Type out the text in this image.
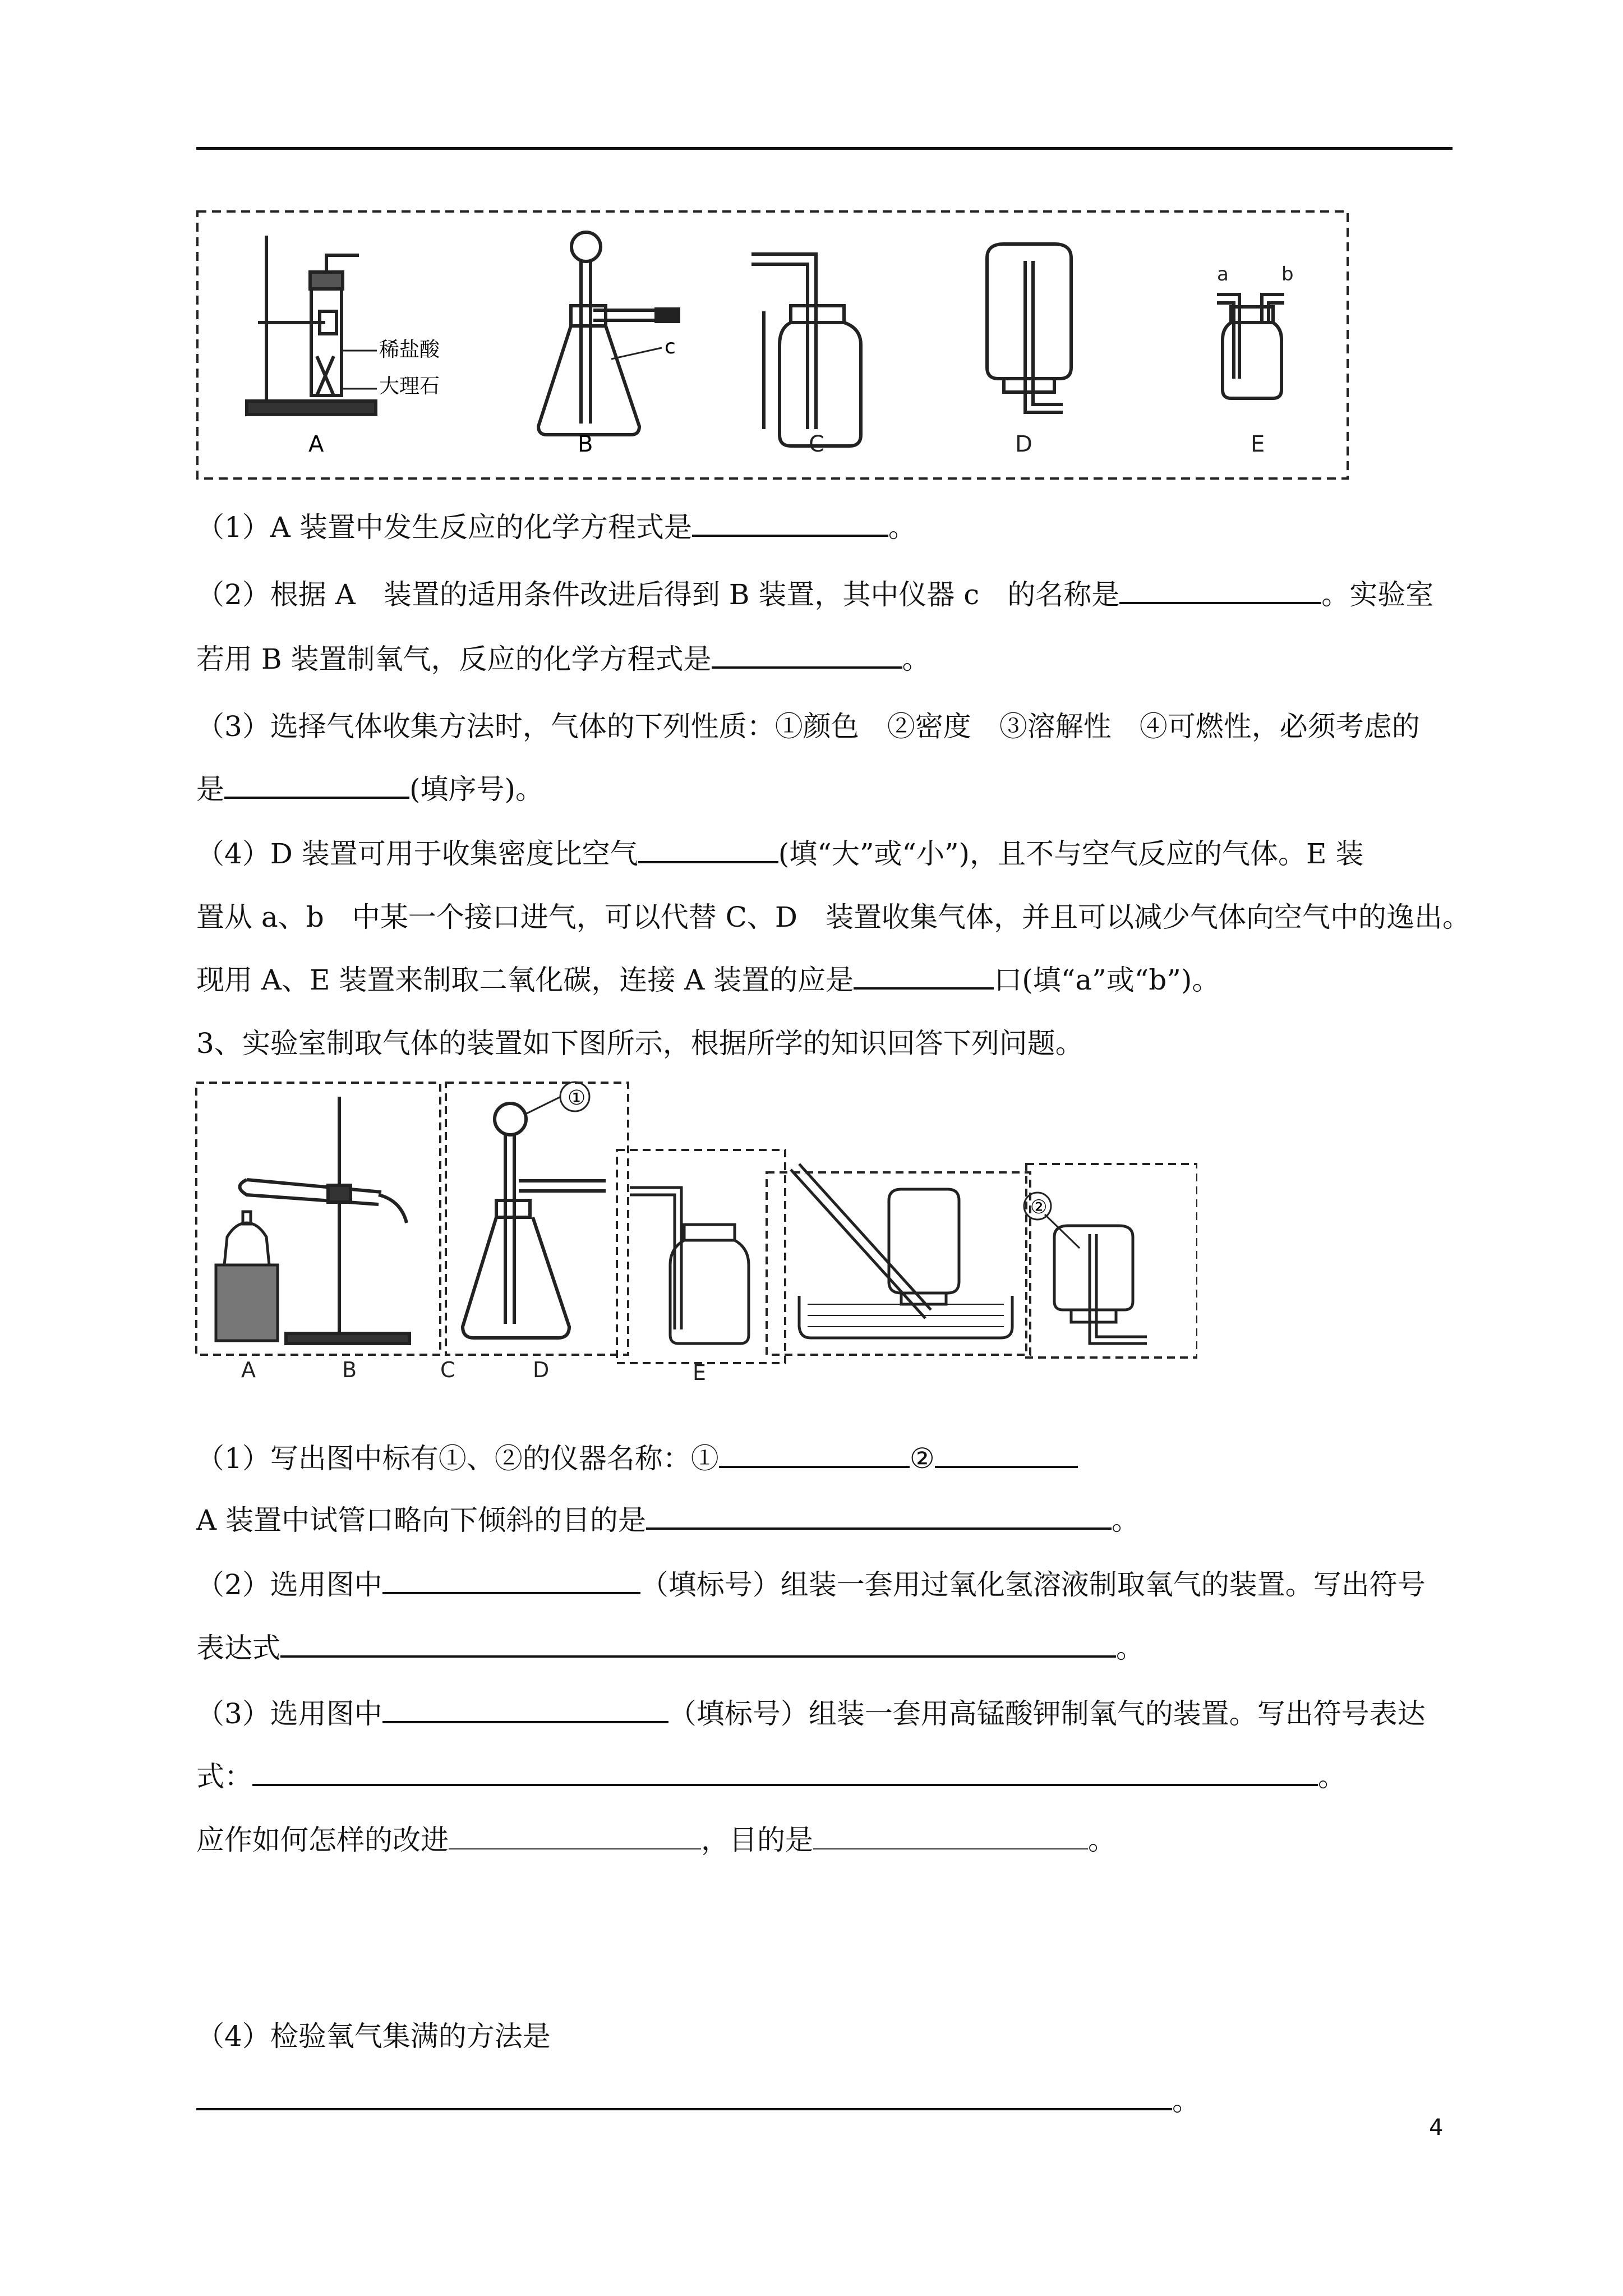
稀盐酸
大理石
A
c
B	C	D
a	b
E
（1）A 装置中发生反应的化学方程式是	。
（2）根据 A　装置的适用条件改进后得到 B 装置，其中仪器 c　的名称是	。实验室
若用 B 装置制氧气，反应的化学方程式是	。
（3）选择气体收集方法时，气体的下列性质：①颜色　②密度　③溶解性　④可燃性，必须考虑的
是	(填序号)。
（4）D 装置可用于收集密度比空气	(填“大”或“小”)，且不与空气反应的气体。E 装
置从 a、b　中某一个接口进气，可以代替 C、D　装置收集气体，并且可以减少气体向空气中的逸出。
现用 A、E 装置来制取二氧化碳，连接 A 装置的应是	口(填“a”或“b”)。
3、实验室制取气体的装置如下图所示，根据所学的知识回答下列问题。
①
②
A	B	C	D	E
（1）写出图中标有①、②的仪器名称：①	②
A 装置中试管口略向下倾斜的目的是	。
（2）选用图中	（填标号）组装一套用过氧化氢溶液制取氧气的装置。写出符号
表达式	。
（3）选用图中	（填标号）组装一套用高锰酸钾制氧气的装置。写出符号表达
式：	。
应作如何怎样的改进	，目的是	。
（4）检验氧气集满的方法是
。
4
